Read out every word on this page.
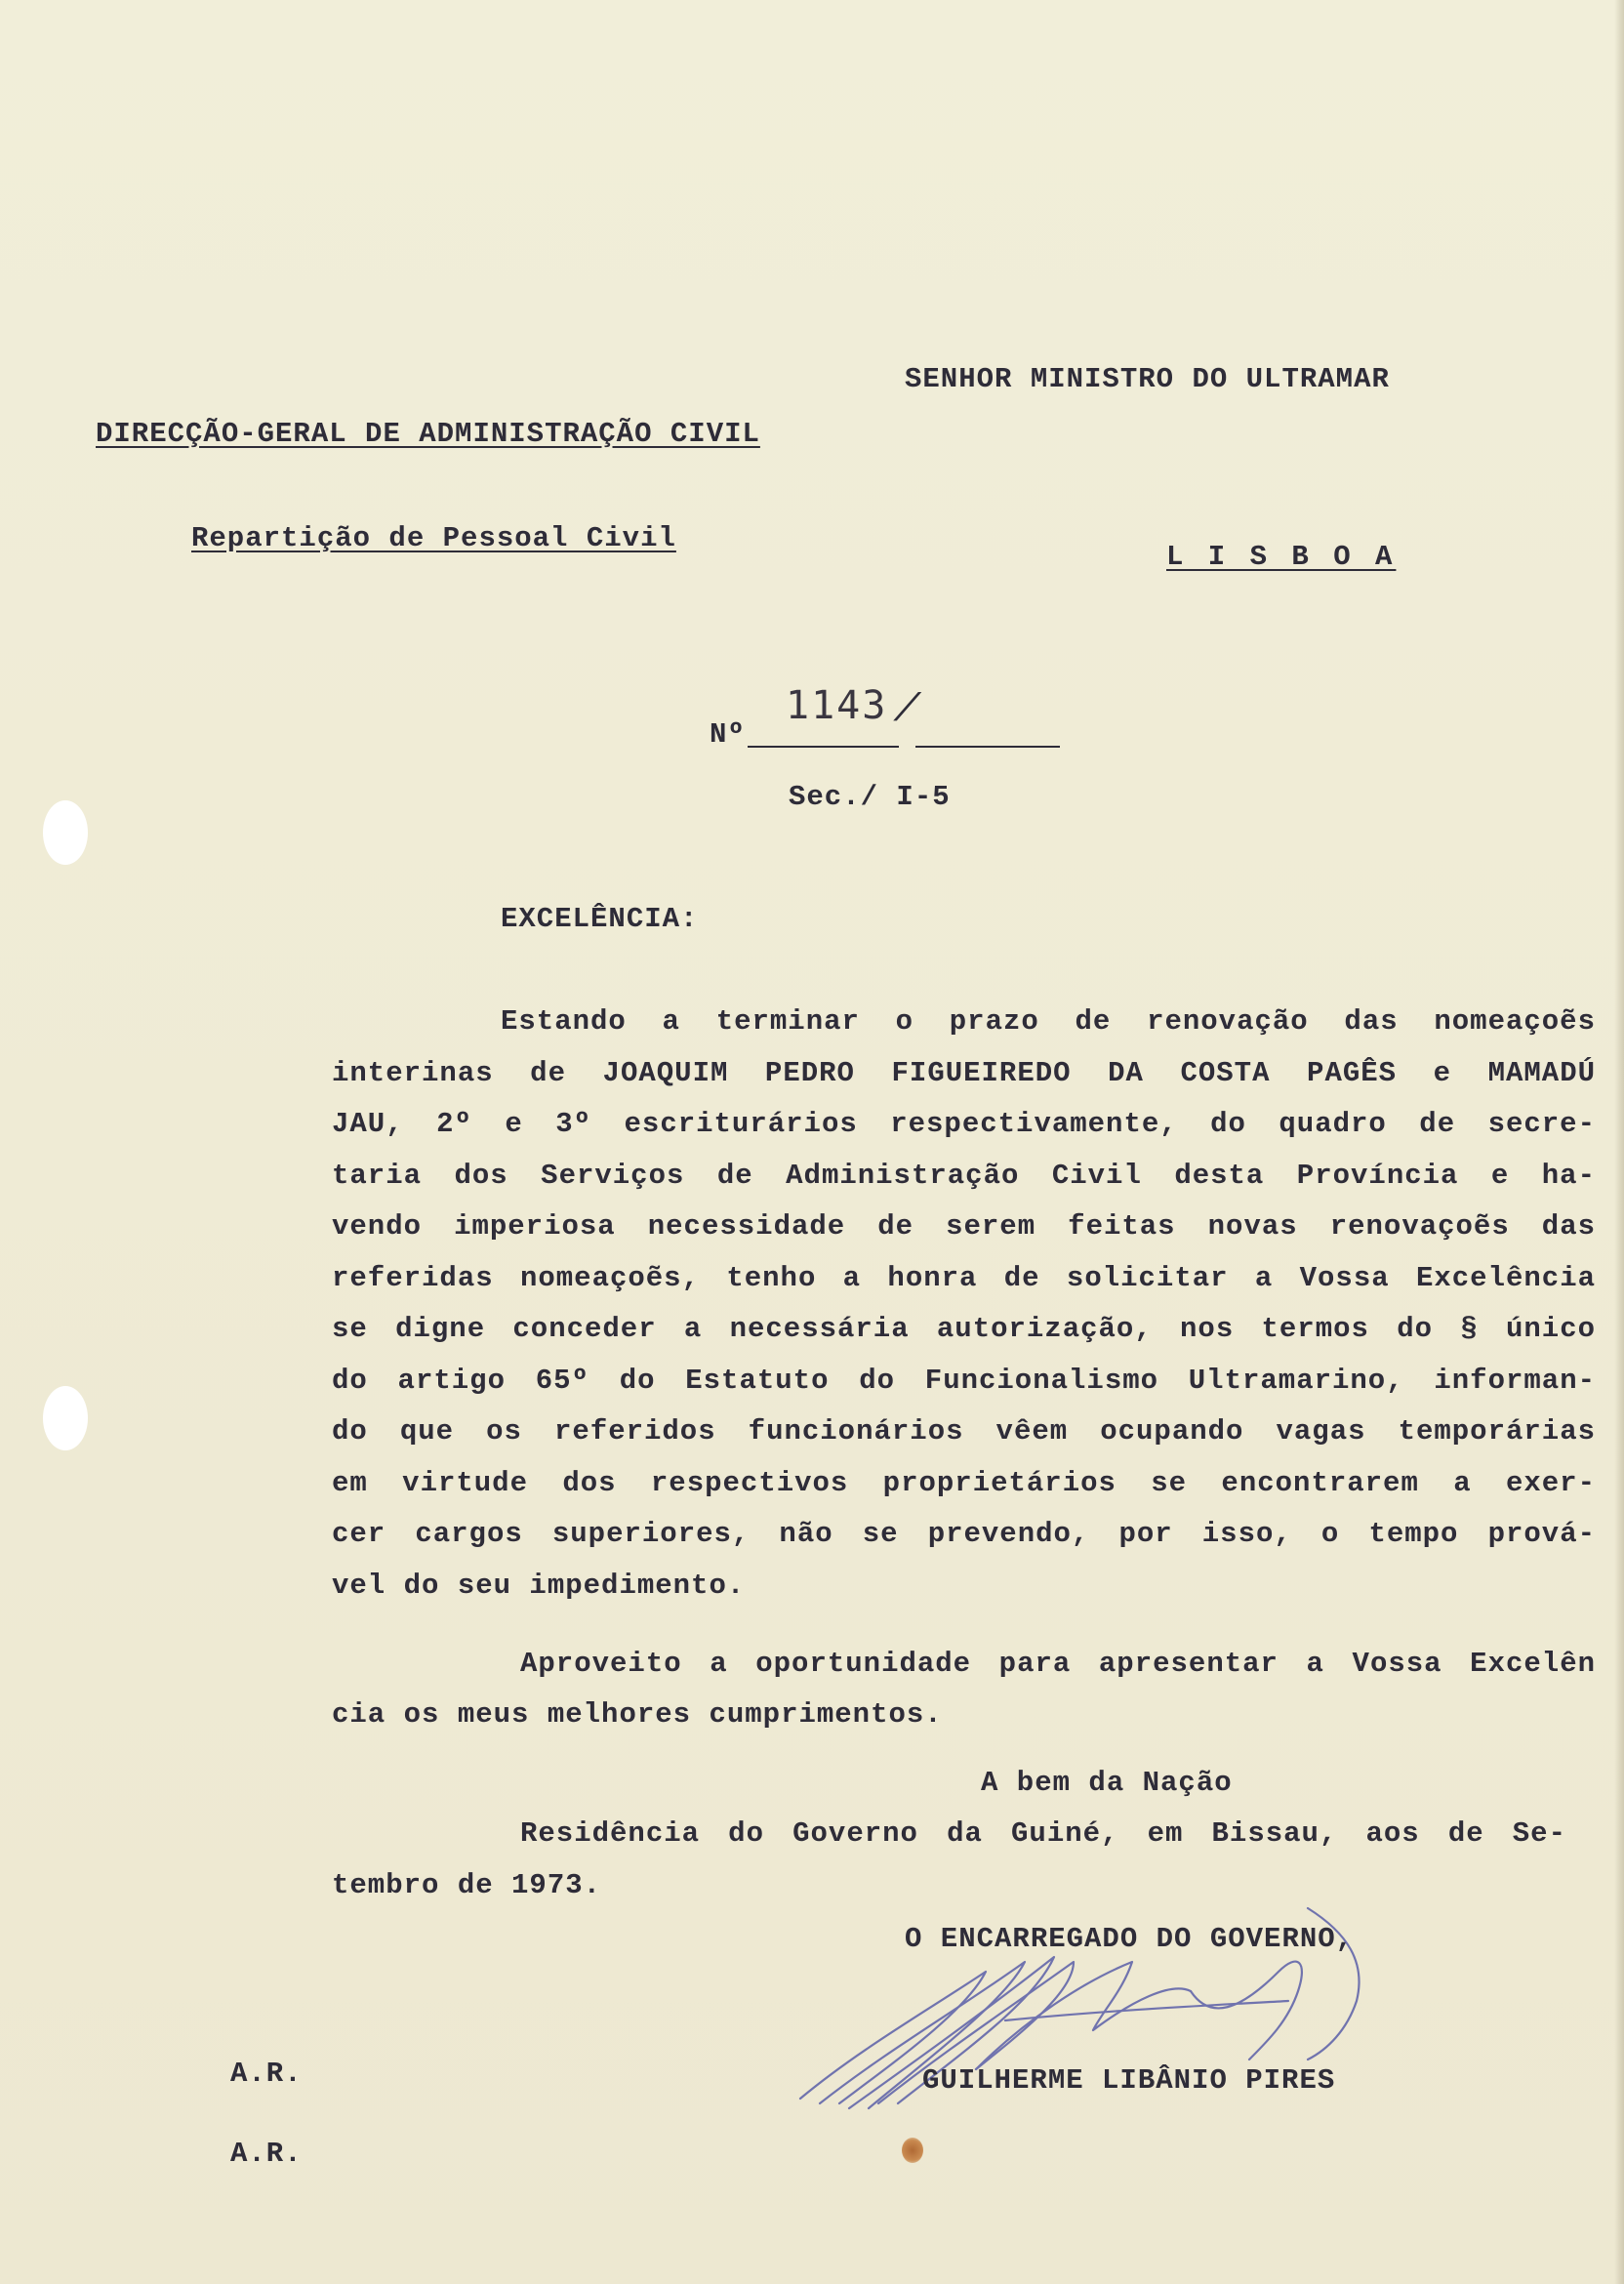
SENHOR MINISTRO DO ULTRAMAR
DIRECÇÃO-GERAL DE ADMINISTRAÇÃO CIVIL
Repartição de Pessoal Civil
L I S B O A
Nº
1143 /
Sec./ I-5
EXCELÊNCIA:
Estando a terminar o prazo de renovação das nomeaçoẽs
interinas de JOAQUIM PEDRO FIGUEIREDO DA COSTA PAGÊS e MAMADÚ
JAU, 2º e 3º escriturários respectivamente, do quadro de secre-
taria dos Serviços de Administração Civil desta Província e ha-
vendo imperiosa necessidade de serem feitas novas renovaçoẽs das
referidas nomeaçoẽs, tenho a honra de solicitar a Vossa Excelência
se digne conceder a necessária autorização, nos termos do § único
do artigo 65º do Estatuto do Funcionalismo Ultramarino, informan-
do que os referidos funcionários vêem ocupando vagas temporárias
em virtude dos respectivos proprietários se encontrarem a exer-
cer cargos superiores, não se prevendo, por isso, o tempo prová-
vel do seu impedimento.
Aproveito a oportunidade para apresentar a Vossa Excelên
cia os meus melhores cumprimentos.
A bem da Nação
Residência do Governo da Guiné, em Bissau, aos de Se-
tembro de 1973.
O ENCARREGADO DO GOVERNO,
GUILHERME LIBÂNIO PIRES
A.R.
A.R.
